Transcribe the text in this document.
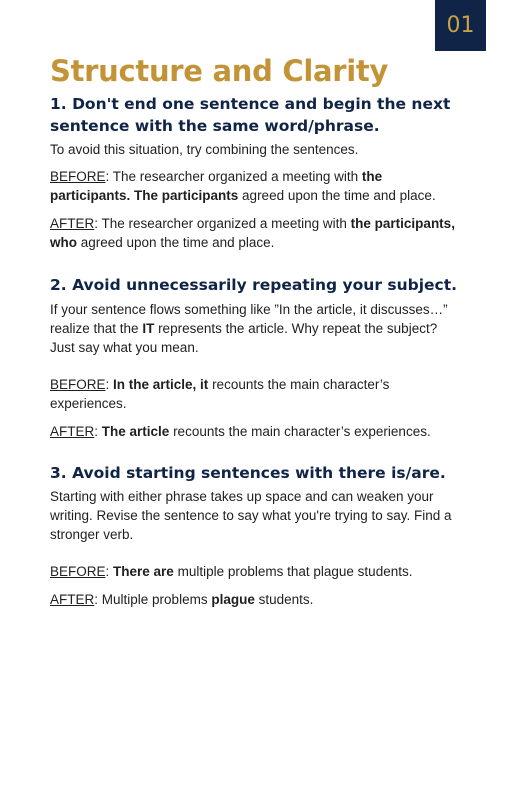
01
Structure and Clarity
1. Don't end one sentence and begin the next sentence with the same word/phrase.

To avoid this situation, try combining the sentences.

BEFORE: The researcher organized a meeting with the participants. The participants agreed upon the time and place.

AFTER: The researcher organized a meeting with the participants, who agreed upon the time and place.

2. Avoid unnecessarily repeating your subject.

If your sentence flows something like ”In the article, it discusses…” realize that the IT represents the article. Why repeat the subject? Just say what you mean.

BEFORE: In the article, it recounts the main character’s experiences.

AFTER: The article recounts the main character’s experiences.

3. Avoid starting sentences with there is/are.

Starting with either phrase takes up space and can weaken your writing. Revise the sentence to say what you're trying to say. Find a stronger verb.

BEFORE: There are multiple problems that plague students.

AFTER: Multiple problems plague students.
